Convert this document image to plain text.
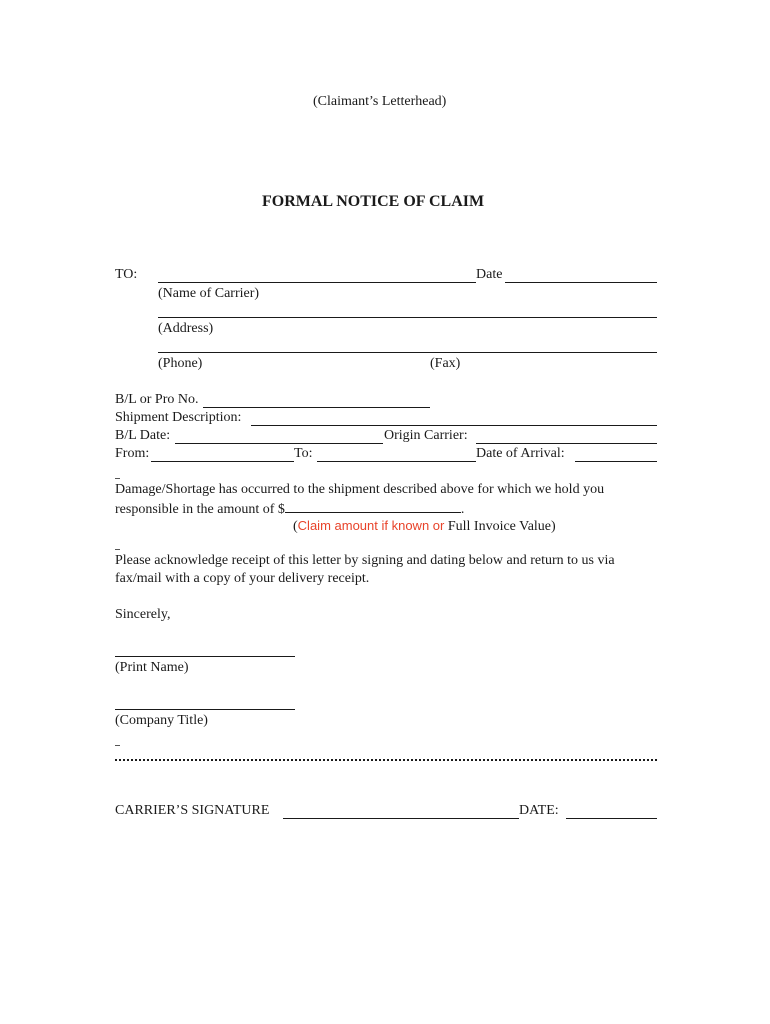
(Claimant’s Letterhead)
FORMAL NOTICE OF CLAIM
TO:	Date
(Name of Carrier)
(Address)
(Phone)	(Fax)
B/L or Pro No.
Shipment Description:
B/L Date:	Origin Carrier:
From:	To:	Date of Arrival:
Damage/Shortage has occurred to the shipment described above for which we hold you
responsible in the amount of $	.
(Claim amount if known or Full Invoice Value)
Please acknowledge receipt of this letter by signing and dating below and return to us via
fax/mail with a copy of your delivery receipt.
Sincerely,
(Print Name)
(Company Title)
CARRIER’S SIGNATURE	DATE:
